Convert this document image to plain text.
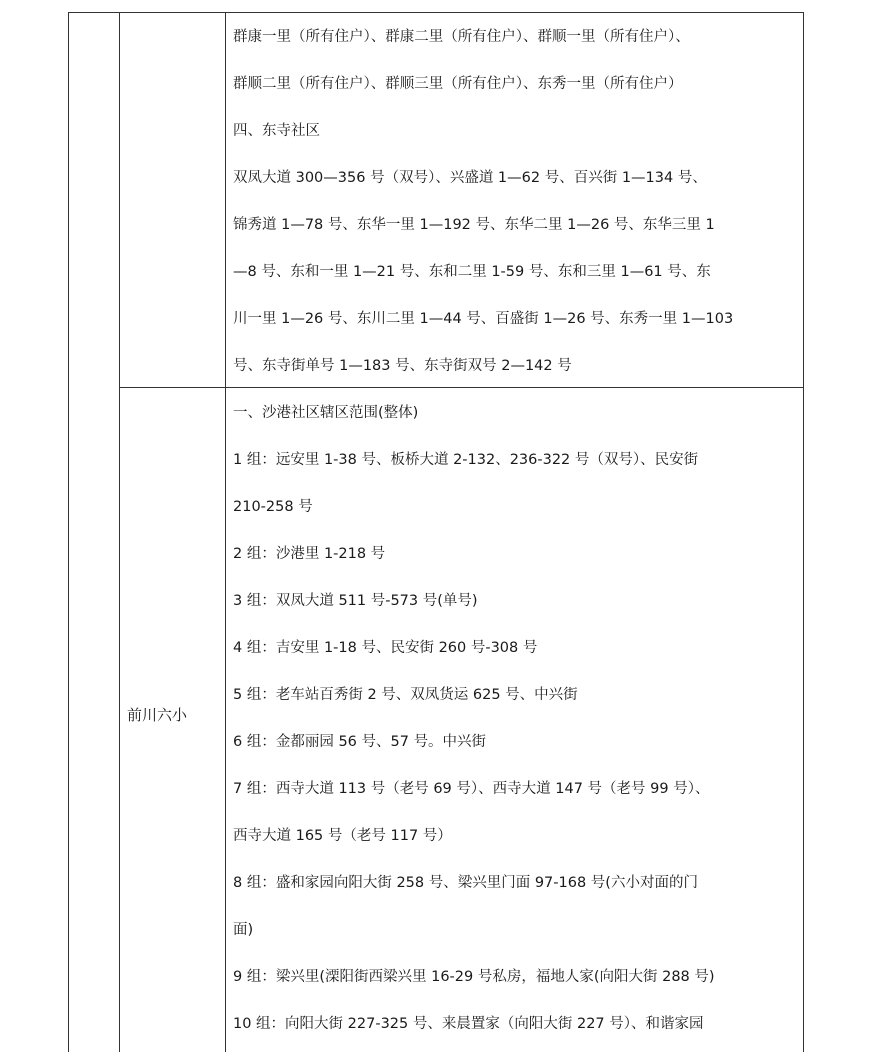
群康一里（所有住户）、群康二里（所有住户）、群顺一里（所有住户）、
群顺二里（所有住户）、群顺三里（所有住户）、东秀一里（所有住户）
四、东寺社区
双凤大道 300—356 号（双号）、兴盛道 1—62 号、百兴街 1—134 号、
锦秀道 1—78 号、东华一里 1—192 号、东华二里 1—26 号、东华三里 1
—8 号、东和一里 1—21 号、东和二里 1-59 号、东和三里 1—61 号、东
川一里 1—26 号、东川二里 1—44 号、百盛街 1—26 号、东秀一里 1—103
号、东寺街单号 1—183 号、东寺街双号 2—142 号
前川六小
一、沙港社区辖区范围(整体)
1 组：远安里 1-38 号、板桥大道 2-132、236-322 号（双号）、民安街
210-258 号
2 组：沙港里 1-218 号
3 组：双凤大道 511 号-573 号(单号)
4 组：吉安里 1-18 号、民安街 260 号-308 号
5 组：老车站百秀街 2 号、双凤货运 625 号、中兴街
6 组：金都丽园 56 号、57 号。中兴街
7 组：西寺大道 113 号（老号 69 号）、西寺大道 147 号（老号 99 号）、
西寺大道 165 号（老号 117 号）
8 组：盛和家园向阳大街 258 号、梁兴里门面 97-168 号(六小对面的门
面)
9 组：梁兴里(溧阳街西梁兴里 16-29 号私房，福地人家(向阳大街 288 号)
10 组：向阳大街 227-325 号、来晨置家（向阳大街 227 号）、和谐家园
